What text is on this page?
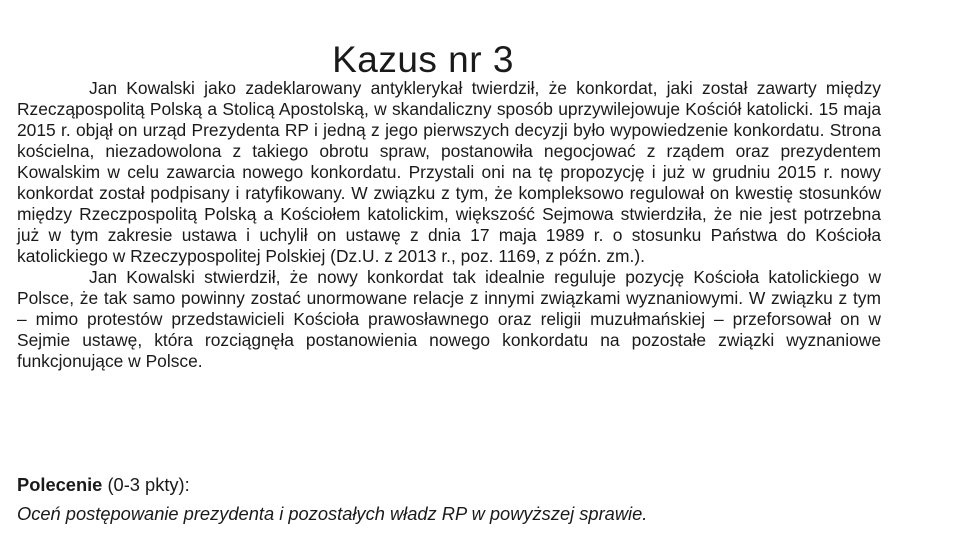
Kazus nr 3

Jan Kowalski jako zadeklarowany antyklerykał twierdził, że konkordat, jaki został zawarty między Rzecząpospolitą Polską a Stolicą Apostolską, w skandaliczny sposób uprzywilejowuje Kościół katolicki. 15 maja 2015 r. objął on urząd Prezydenta RP i jedną z jego pierwszych decyzji było wypowiedzenie konkordatu. Strona kościelna, niezadowolona z takiego obrotu spraw, postanowiła negocjować z rządem oraz prezydentem Kowalskim w celu zawarcia nowego konkordatu. Przystali oni na tę propozycję i już w grudniu 2015 r. nowy konkordat został podpisany i ratyfikowany. W związku z tym, że kompleksowo regulował on kwestię stosunków między Rzeczpospolitą Polską a Kościołem katolickim, większość Sejmowa stwierdziła, że nie jest potrzebna już w tym zakresie ustawa i uchylił on ustawę z dnia 17 maja 1989 r. o stosunku Państwa do Kościoła katolickiego w Rzeczypospolitej Polskiej (Dz.U. z 2013 r., poz. 1169, z późn. zm.).

Jan Kowalski stwierdził, że nowy konkordat tak idealnie reguluje pozycję Kościoła katolickiego w Polsce, że tak samo powinny zostać unormowane relacje z innymi związkami wyznaniowymi. W związku z tym – mimo protestów przedstawicieli Kościoła prawosławnego oraz religii muzułmańskiej – przeforsował on w Sejmie ustawę, która rozciągnęła postanowienia nowego konkordatu na pozostałe związki wyznaniowe funkcjonujące w Polsce.

Polecenie (0-3 pkty):
Oceń postępowanie prezydenta i pozostałych władz RP w powyższej sprawie.
